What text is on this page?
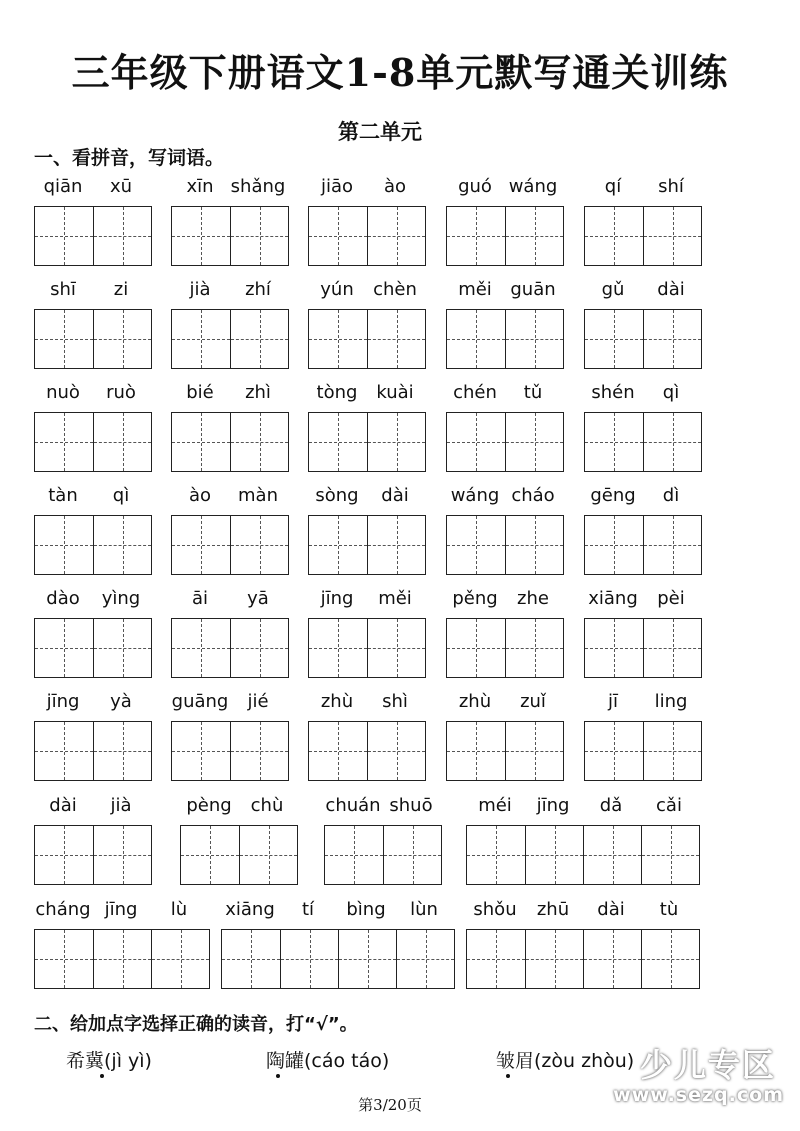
三年级下册语文1-8单元默写通关训练
第二单元
一、看拼音，写词语。
qiān	xū	xīn shǎng	jiāo	ào	guó wáng	qí	shí
shī	zi	jià	zhí	yún	chèn	měi	guān	gǔ	dài
nuò	ruò	bié	zhì	tòng	kuài	chén	tǔ	shén	qì
tàn	qì	ào	màn	sòng	dài	wáng cháo	gēng	dì
dào	yìng	āi	yā	jīng	měi	pěng	zhe	xiāng	pèi
jīng	yà	guāng	jié	zhù	shì	zhù	zuǐ	jī	ling
dài	jià	pèng	chù	chuán shuō	méi	jīng	dǎ	cǎi
cháng jīng	lù	xiāng	tí	bìng	lùn	shǒu	zhū	dài	tù
二、给加点字选择正确的读音，打“√”。
希冀(jì yì)	陶罐(cáo táo)	皱眉(zòu zhòu)
第3/20页
少儿专区
www.sezq.com
